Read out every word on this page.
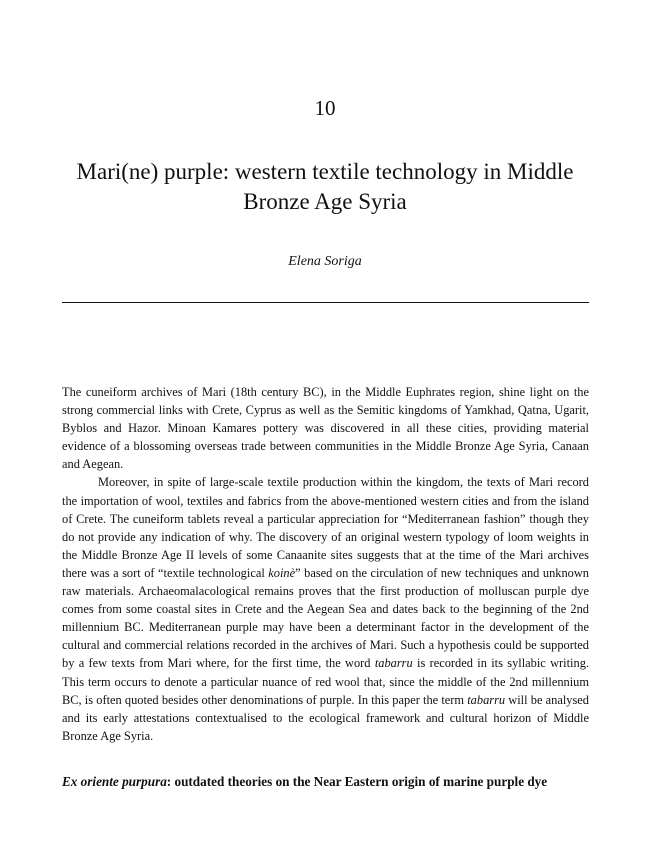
10
Mari(ne) purple: western textile technology in Middle Bronze Age Syria
Elena Soriga

The cuneiform archives of Mari (18th century BC), in the Middle Euphrates region, shine light on the strong commercial links with Crete, Cyprus as well as the Semitic kingdoms of Yamkhad, Qatna, Ugarit, Byblos and Hazor. Minoan Kamares pottery was discovered in all these cities, providing material evidence of a blossoming overseas trade between communities in the Middle Bronze Age Syria, Canaan and Aegean.

Moreover, in spite of large-scale textile production within the kingdom, the texts of Mari record the importation of wool, textiles and fabrics from the above-mentioned western cities and from the island of Crete. The cuneiform tablets reveal a particular appreciation for “Mediterranean fashion” though they do not provide any indication of why. The discovery of an original western typology of loom weights in the Middle Bronze Age II levels of some Canaanite sites suggests that at the time of the Mari archives there was a sort of “textile technological koinè” based on the circulation of new techniques and unknown raw materials. Archaeomalacological remains proves that the first production of molluscan purple dye comes from some coastal sites in Crete and the Aegean Sea and dates back to the beginning of the 2nd millennium BC. Mediterranean purple may have been a determinant factor in the development of the cultural and commercial relations recorded in the archives of Mari. Such a hypothesis could be supported by a few texts from Mari where, for the first time, the word tabarru is recorded in its syllabic writing. This term occurs to denote a particular nuance of red wool that, since the middle of the 2nd millennium BC, is often quoted besides other denominations of purple. In this paper the term tabarru will be analysed and its early attestations contextualised to the ecological framework and cultural horizon of Middle Bronze Age Syria.

Ex oriente purpura: outdated theories on the Near Eastern origin of marine purple dye
